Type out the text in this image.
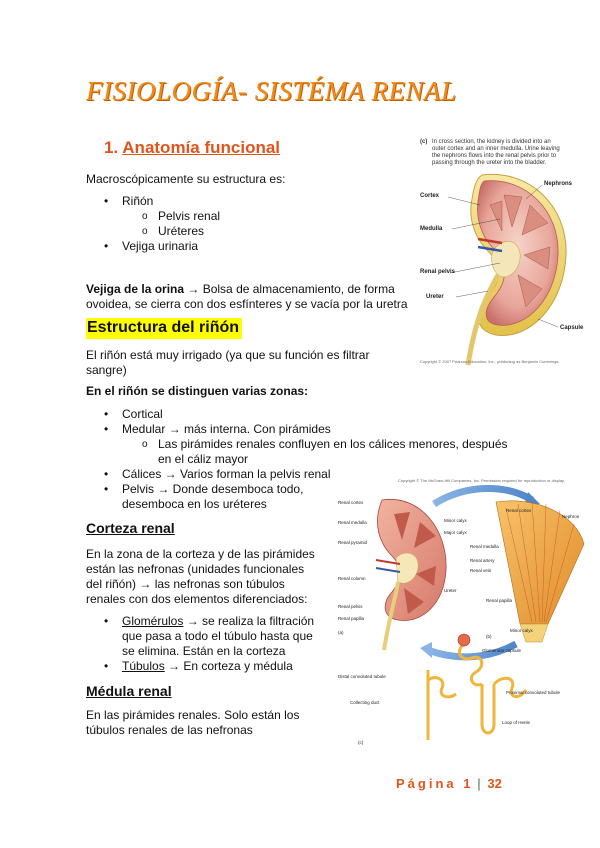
FISIOLOGÍA- SISTÉMA RENAL
1. Anatomía funcional

Macroscópicamente su estructura es:

• Riñón
o Pelvis renal
o Uréteres
• Vejiga urinaria

Vejiga de la orina → Bolsa de almacenamiento, de forma
ovoidea, se cierra con dos esfínteres y se vacía por la uretra

Estructura del riñón

El riñón está muy irrigado (ya que su función es filtrar
sangre)

En el riñón se distinguen varias zonas:

• Cortical
• Medular → más interna. Con pirámides
o Las pirámides renales confluyen en los cálices menores, después
en el cáliz mayor
• Cálices → Varios forman la pelvis renal
• Pelvis → Donde desemboca todo,
desemboca en los uréteres
Corteza renal

En la zona de la corteza y de las pirámides
están las nefronas (unidades funcionales
del riñón) → las nefronas son túbulos
renales con dos elementos diferenciados:

• Glomérulos → se realiza la filtración
que pasa a todo el túbulo hasta que
se elimina. Están en la corteza
• Túbulos → En corteza y médula
Médula renal

En las pirámides renales. Solo están los
túbulos renales de las nefronas

Página 1 | 32
(c) In cross section, the kidney is divided into an
outer cortex and an inner medulla. Urine leaving
the nephrons flows into the renal pelvis prior to
passing through the ureter into the bladder.
Nephrons
Cortex
Medulla
Renal pelvis
Ureter
Capsule
Copyright © 2007 Pearson Education, Inc., publishing as Benjamin Cummings.
Copyright © The McGraw-Hill Companies, Inc. Permission required for reproduction or display.
Renal cortex
Renal medulla
Renal pyramid
Renal column
Renal pelvis
Renal papilla
(a)
Minor calyx
Major calyx
Renal medulla
Renal artery
Renal vein
Ureter
Renal papilla
Renal cortex
Nephron
Minor calyx
(b)
Glomerular capsule
Distal convoluted tubule
Proximal convoluted tubule
Collecting duct
Loop of Henle
(c)
